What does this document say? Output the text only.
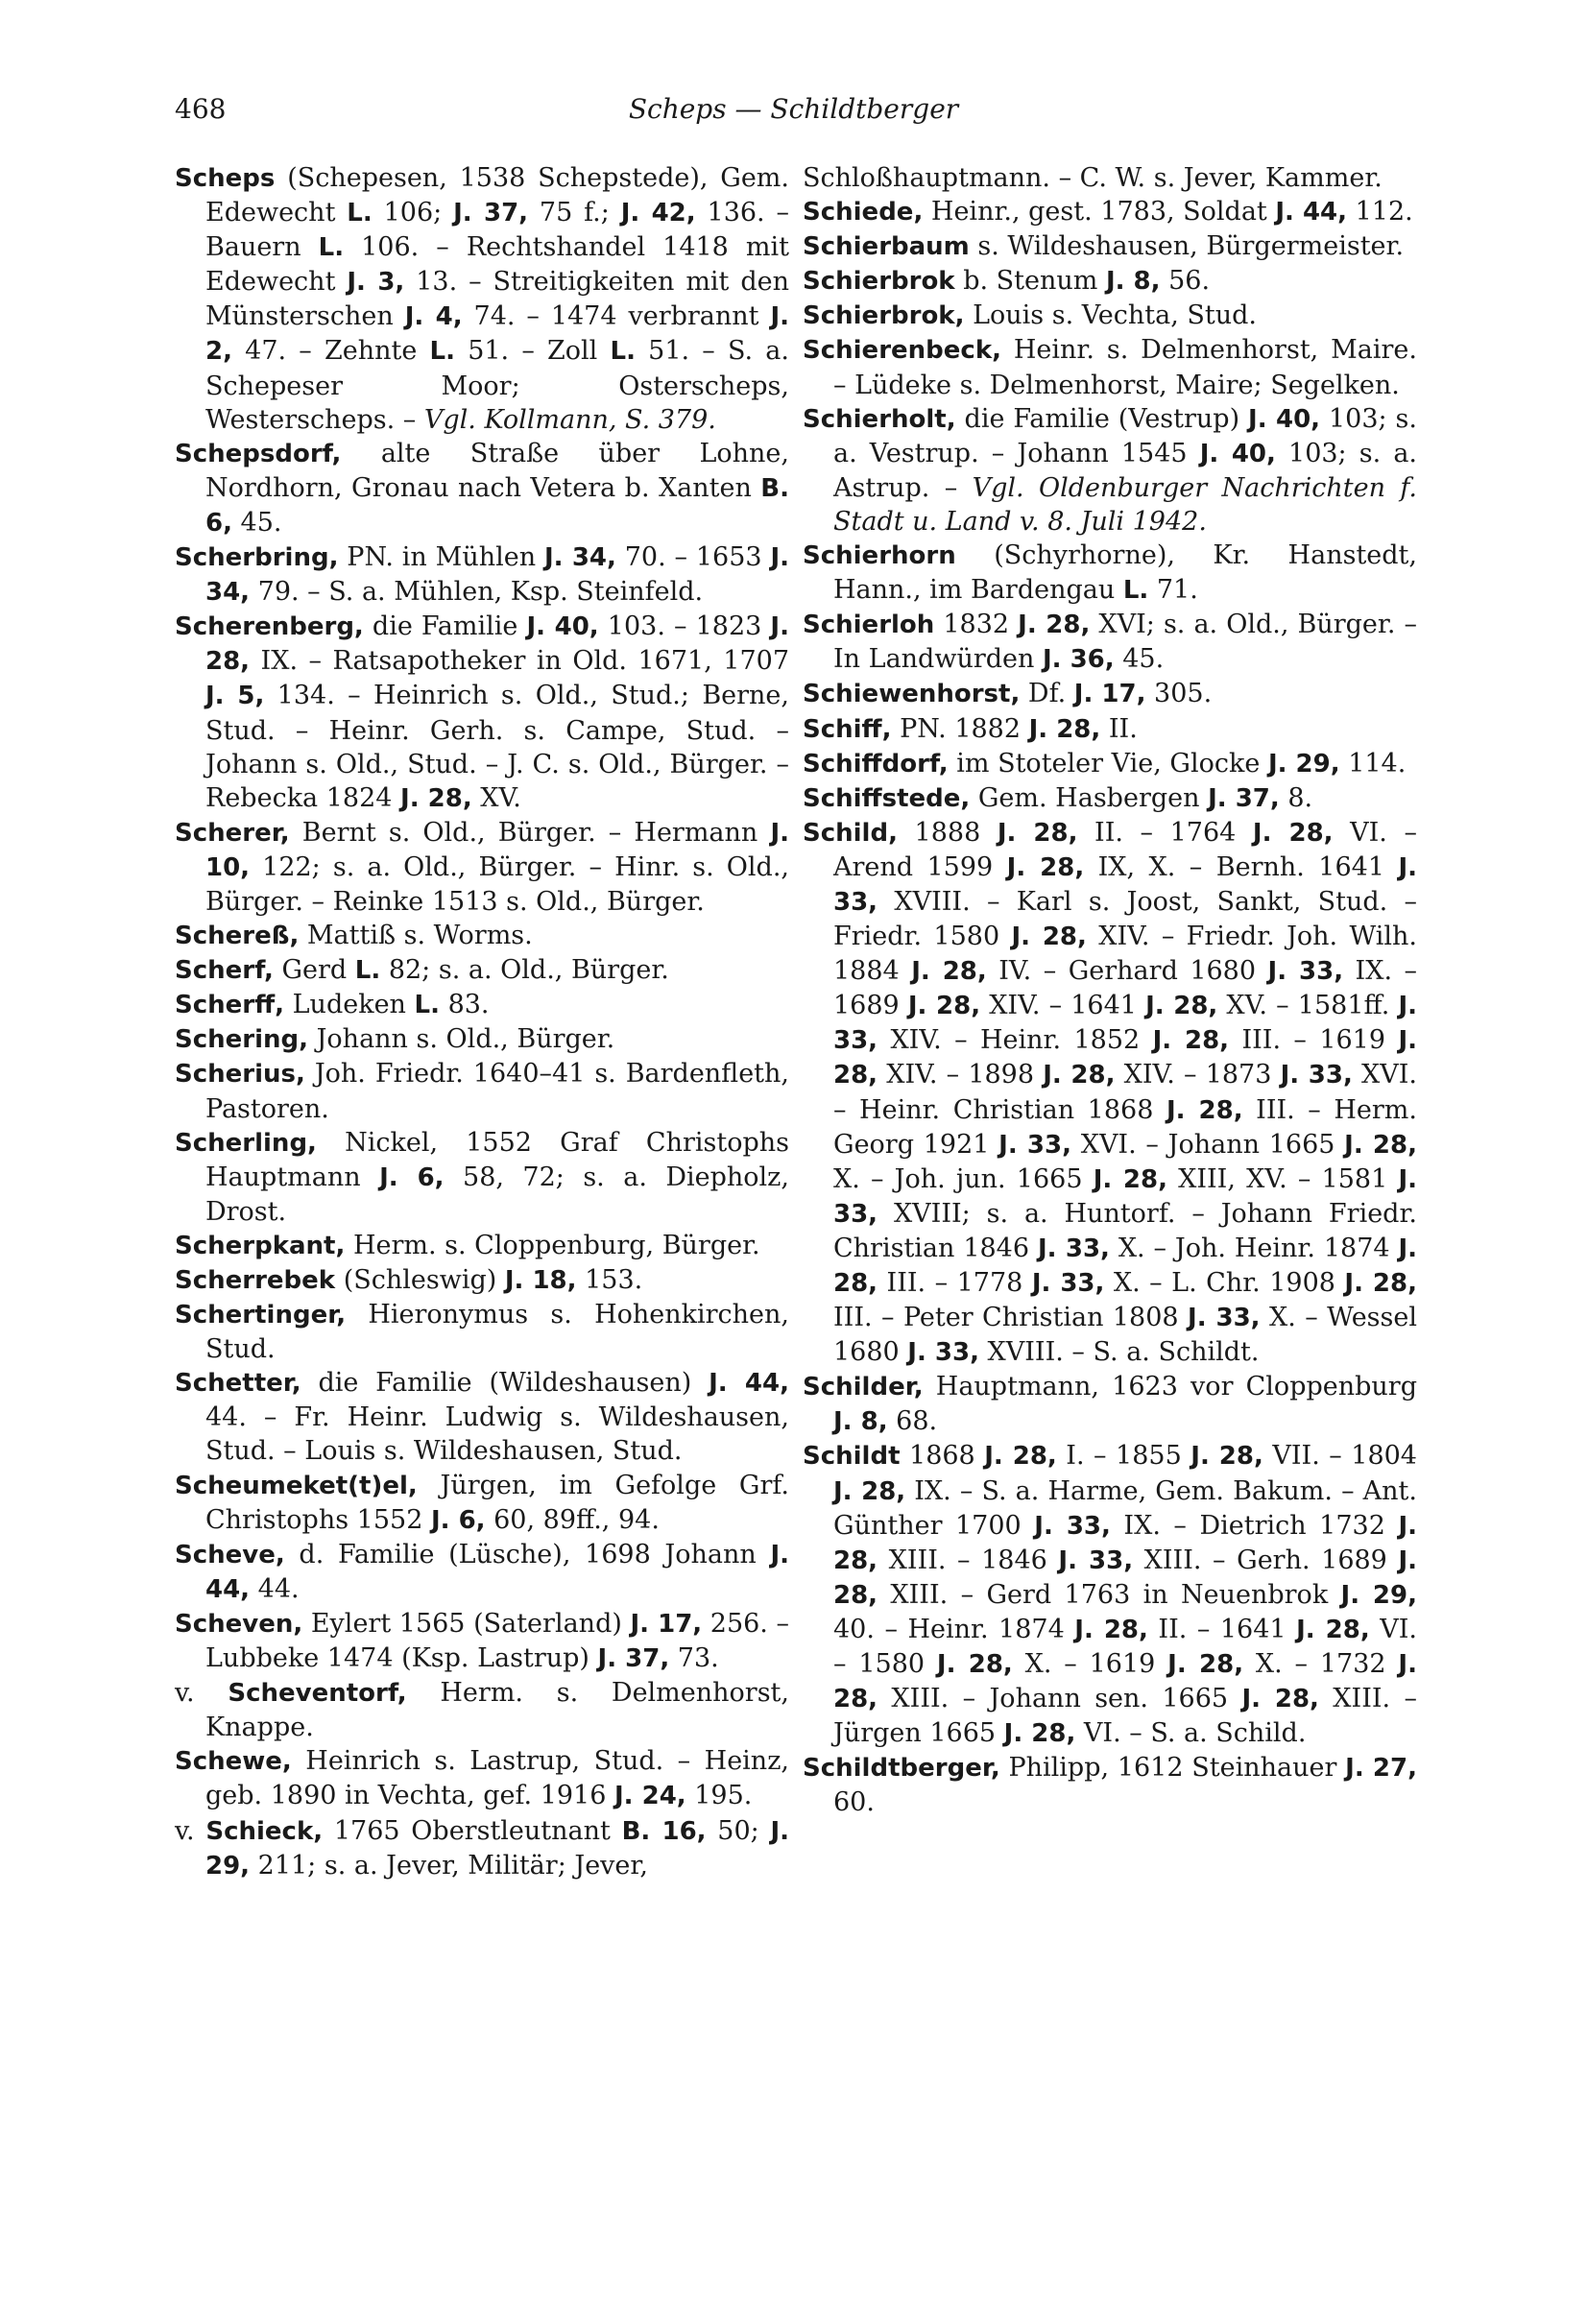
468	Scheps — Schildtberger

Scheps (Schepesen, 1538 Schepstede), Gem. Edewecht L. 106; J. 37, 75 f.; J. 42, 136. – Bauern L. 106. – Rechtshandel 1418 mit Edewecht J. 3, 13. – Streitigkeiten mit den Münsterschen J. 4, 74. – 1474 verbrannt J. 2, 47. – Zehnte L. 51. – Zoll L. 51. – S. a. Schepeser Moor; Osterscheps, Westerscheps. – Vgl. Kollmann, S. 379.

Schepsdorf, alte Straße über Lohne, Nordhorn, Gronau nach Vetera b. Xanten B. 6, 45.

Scherbring, PN. in Mühlen J. 34, 70. – 1653 J. 34, 79. – S. a. Mühlen, Ksp. Steinfeld.

Scherenberg, die Familie J. 40, 103. – 1823 J. 28, IX. – Ratsapotheker in Old. 1671, 1707 J. 5, 134. – Heinrich s. Old., Stud.; Berne, Stud. – Heinr. Gerh. s. Campe, Stud. – Johann s. Old., Stud. – J. C. s. Old., Bürger. – Rebecka 1824 J. 28, XV.

Scherer, Bernt s. Old., Bürger. – Hermann J. 10, 122; s. a. Old., Bürger. – Hinr. s. Old., Bürger. – Reinke 1513 s. Old., Bürger.

Schereß, Mattiß s. Worms.

Scherf, Gerd L. 82; s. a. Old., Bürger.

Scherff, Ludeken L. 83.

Schering, Johann s. Old., Bürger.

Scherius, Joh. Friedr. 1640–41 s. Bardenfleth, Pastoren.

Scherling, Nickel, 1552 Graf Christophs Hauptmann J. 6, 58, 72; s. a. Diepholz, Drost.

Scherpkant, Herm. s. Cloppenburg, Bürger.

Scherrebek (Schleswig) J. 18, 153.

Schertinger, Hieronymus s. Hohenkirchen, Stud.

Schetter, die Familie (Wildeshausen) J. 44, 44. – Fr. Heinr. Ludwig s. Wildeshausen, Stud. – Louis s. Wildeshausen, Stud.

Scheumeket(t)el, Jürgen, im Gefolge Grf. Christophs 1552 J. 6, 60, 89ff., 94.

Scheve, d. Familie (Lüsche), 1698 Johann J. 44, 44.

Scheven, Eylert 1565 (Saterland) J. 17, 256. – Lubbeke 1474 (Ksp. Lastrup) J. 37, 73.

v. Scheventorf, Herm. s. Delmenhorst, Knappe.

Schewe, Heinrich s. Lastrup, Stud. – Heinz, geb. 1890 in Vechta, gef. 1916 J. 24, 195.

v. Schieck, 1765 Oberstleutnant B. 16, 50; J. 29, 211; s. a. Jever, Militär; Jever,

Schloßhauptmann. – C. W. s. Jever, Kammer.

Schiede, Heinr., gest. 1783, Soldat J. 44, 112.

Schierbaum s. Wildeshausen, Bürgermeister.

Schierbrok b. Stenum J. 8, 56.

Schierbrok, Louis s. Vechta, Stud.

Schierenbeck, Heinr. s. Delmenhorst, Maire. – Lüdeke s. Delmenhorst, Maire; Segelken.

Schierholt, die Familie (Vestrup) J. 40, 103; s. a. Vestrup. – Johann 1545 J. 40, 103; s. a. Astrup. – Vgl. Oldenburger Nachrichten f. Stadt u. Land v. 8. Juli 1942.

Schierhorn (Schyrhorne), Kr. Hanstedt, Hann., im Bardengau L. 71.

Schierloh 1832 J. 28, XVI; s. a. Old., Bürger. – In Landwürden J. 36, 45.

Schiewenhorst, Df. J. 17, 305.

Schiff, PN. 1882 J. 28, II.

Schiffdorf, im Stoteler Vie, Glocke J. 29, 114.

Schiffstede, Gem. Hasbergen J. 37, 8.

Schild, 1888 J. 28, II. – 1764 J. 28, VI. – Arend 1599 J. 28, IX, X. – Bernh. 1641 J. 33, XVIII. – Karl s. Joost, Sankt, Stud. – Friedr. 1580 J. 28, XIV. – Friedr. Joh. Wilh. 1884 J. 28, IV. – Gerhard 1680 J. 33, IX. – 1689 J. 28, XIV. – 1641 J. 28, XV. – 1581ff. J. 33, XIV. – Heinr. 1852 J. 28, III. – 1619 J. 28, XIV. – 1898 J. 28, XIV. – 1873 J. 33, XVI. – Heinr. Christian 1868 J. 28, III. – Herm. Georg 1921 J. 33, XVI. – Johann 1665 J. 28, X. – Joh. jun. 1665 J. 28, XIII, XV. – 1581 J. 33, XVIII; s. a. Huntorf. – Johann Friedr. Christian 1846 J. 33, X. – Joh. Heinr. 1874 J. 28, III. – 1778 J. 33, X. – L. Chr. 1908 J. 28, III. – Peter Christian 1808 J. 33, X. – Wessel 1680 J. 33, XVIII. – S. a. Schildt.

Schilder, Hauptmann, 1623 vor Cloppenburg J. 8, 68.

Schildt 1868 J. 28, I. – 1855 J. 28, VII. – 1804 J. 28, IX. – S. a. Harme, Gem. Bakum. – Ant. Günther 1700 J. 33, IX. – Dietrich 1732 J. 28, XIII. – 1846 J. 33, XIII. – Gerh. 1689 J. 28, XIII. – Gerd 1763 in Neuenbrok J. 29, 40. – Heinr. 1874 J. 28, II. – 1641 J. 28, VI. – 1580 J. 28, X. – 1619 J. 28, X. – 1732 J. 28, XIII. – Johann sen. 1665 J. 28, XIII. – Jürgen 1665 J. 28, VI. – S. a. Schild.

Schildtberger, Philipp, 1612 Steinhauer J. 27, 60.
